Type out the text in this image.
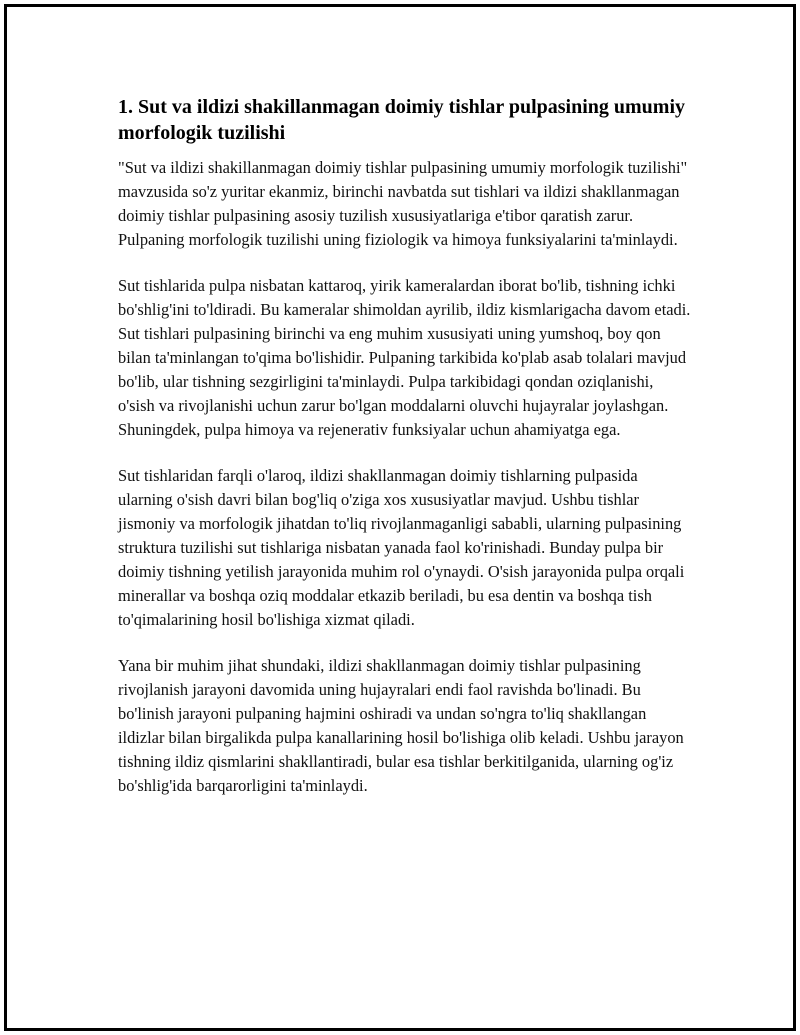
1. Sut va ildizi shakillanmagan doimiy tishlar pulpasining umumiy morfologik tuzilishi

"Sut va ildizi shakillanmagan doimiy tishlar pulpasining umumiy morfologik tuzilishi" mavzusida so'z yuritar ekanmiz, birinchi navbatda sut tishlari va ildizi shakllanmagan doimiy tishlar pulpasining asosiy tuzilish xususiyatlariga e'tibor qaratish zarur. Pulpaning morfologik tuzilishi uning fiziologik va himoya funksiyalarini ta'minlaydi.

Sut tishlarida pulpa nisbatan kattaroq, yirik kameralardan iborat bo'lib, tishning ichki bo'shlig'ini to'ldiradi. Bu kameralar shimoldan ayrilib, ildiz kismlarigacha davom etadi. Sut tishlari pulpasining birinchi va eng muhim xususiyati uning yumshoq, boy qon bilan ta'minlangan to'qima bo'lishidir. Pulpaning tarkibida ko'plab asab tolalari mavjud bo'lib, ular tishning sezgirligini ta'minlaydi. Pulpa tarkibidagi qondan oziqlanishi, o'sish va rivojlanishi uchun zarur bo'lgan moddalarni oluvchi hujayralar joylashgan. Shuningdek, pulpa himoya va rejenerativ funksiyalar uchun ahamiyatga ega.

Sut tishlaridan farqli o'laroq, ildizi shakllanmagan doimiy tishlarning pulpasida ularning o'sish davri bilan bog'liq o'ziga xos xususiyatlar mavjud. Ushbu tishlar jismoniy va morfologik jihatdan to'liq rivojlanmaganligi sababli, ularning pulpasining struktura tuzilishi sut tishlariga nisbatan yanada faol ko'rinishadi. Bunday pulpa bir doimiy tishning yetilish jarayonida muhim rol o'ynaydi. O'sish jarayonida pulpa orqali minerallar va boshqa oziq moddalar etkazib beriladi, bu esa dentin va boshqa tish to'qimalarining hosil bo'lishiga xizmat qiladi.

Yana bir muhim jihat shundaki, ildizi shakllanmagan doimiy tishlar pulpasining rivojlanish jarayoni davomida uning hujayralari endi faol ravishda bo'linadi. Bu bo'linish jarayoni pulpaning hajmini oshiradi va undan so'ngra to'liq shakllangan ildizlar bilan birgalikda pulpa kanallarining hosil bo'lishiga olib keladi. Ushbu jarayon tishning ildiz qismlarini shakllantiradi, bular esa tishlar berkitilganida, ularning og'iz bo'shlig'ida barqarorligini ta'minlaydi.
